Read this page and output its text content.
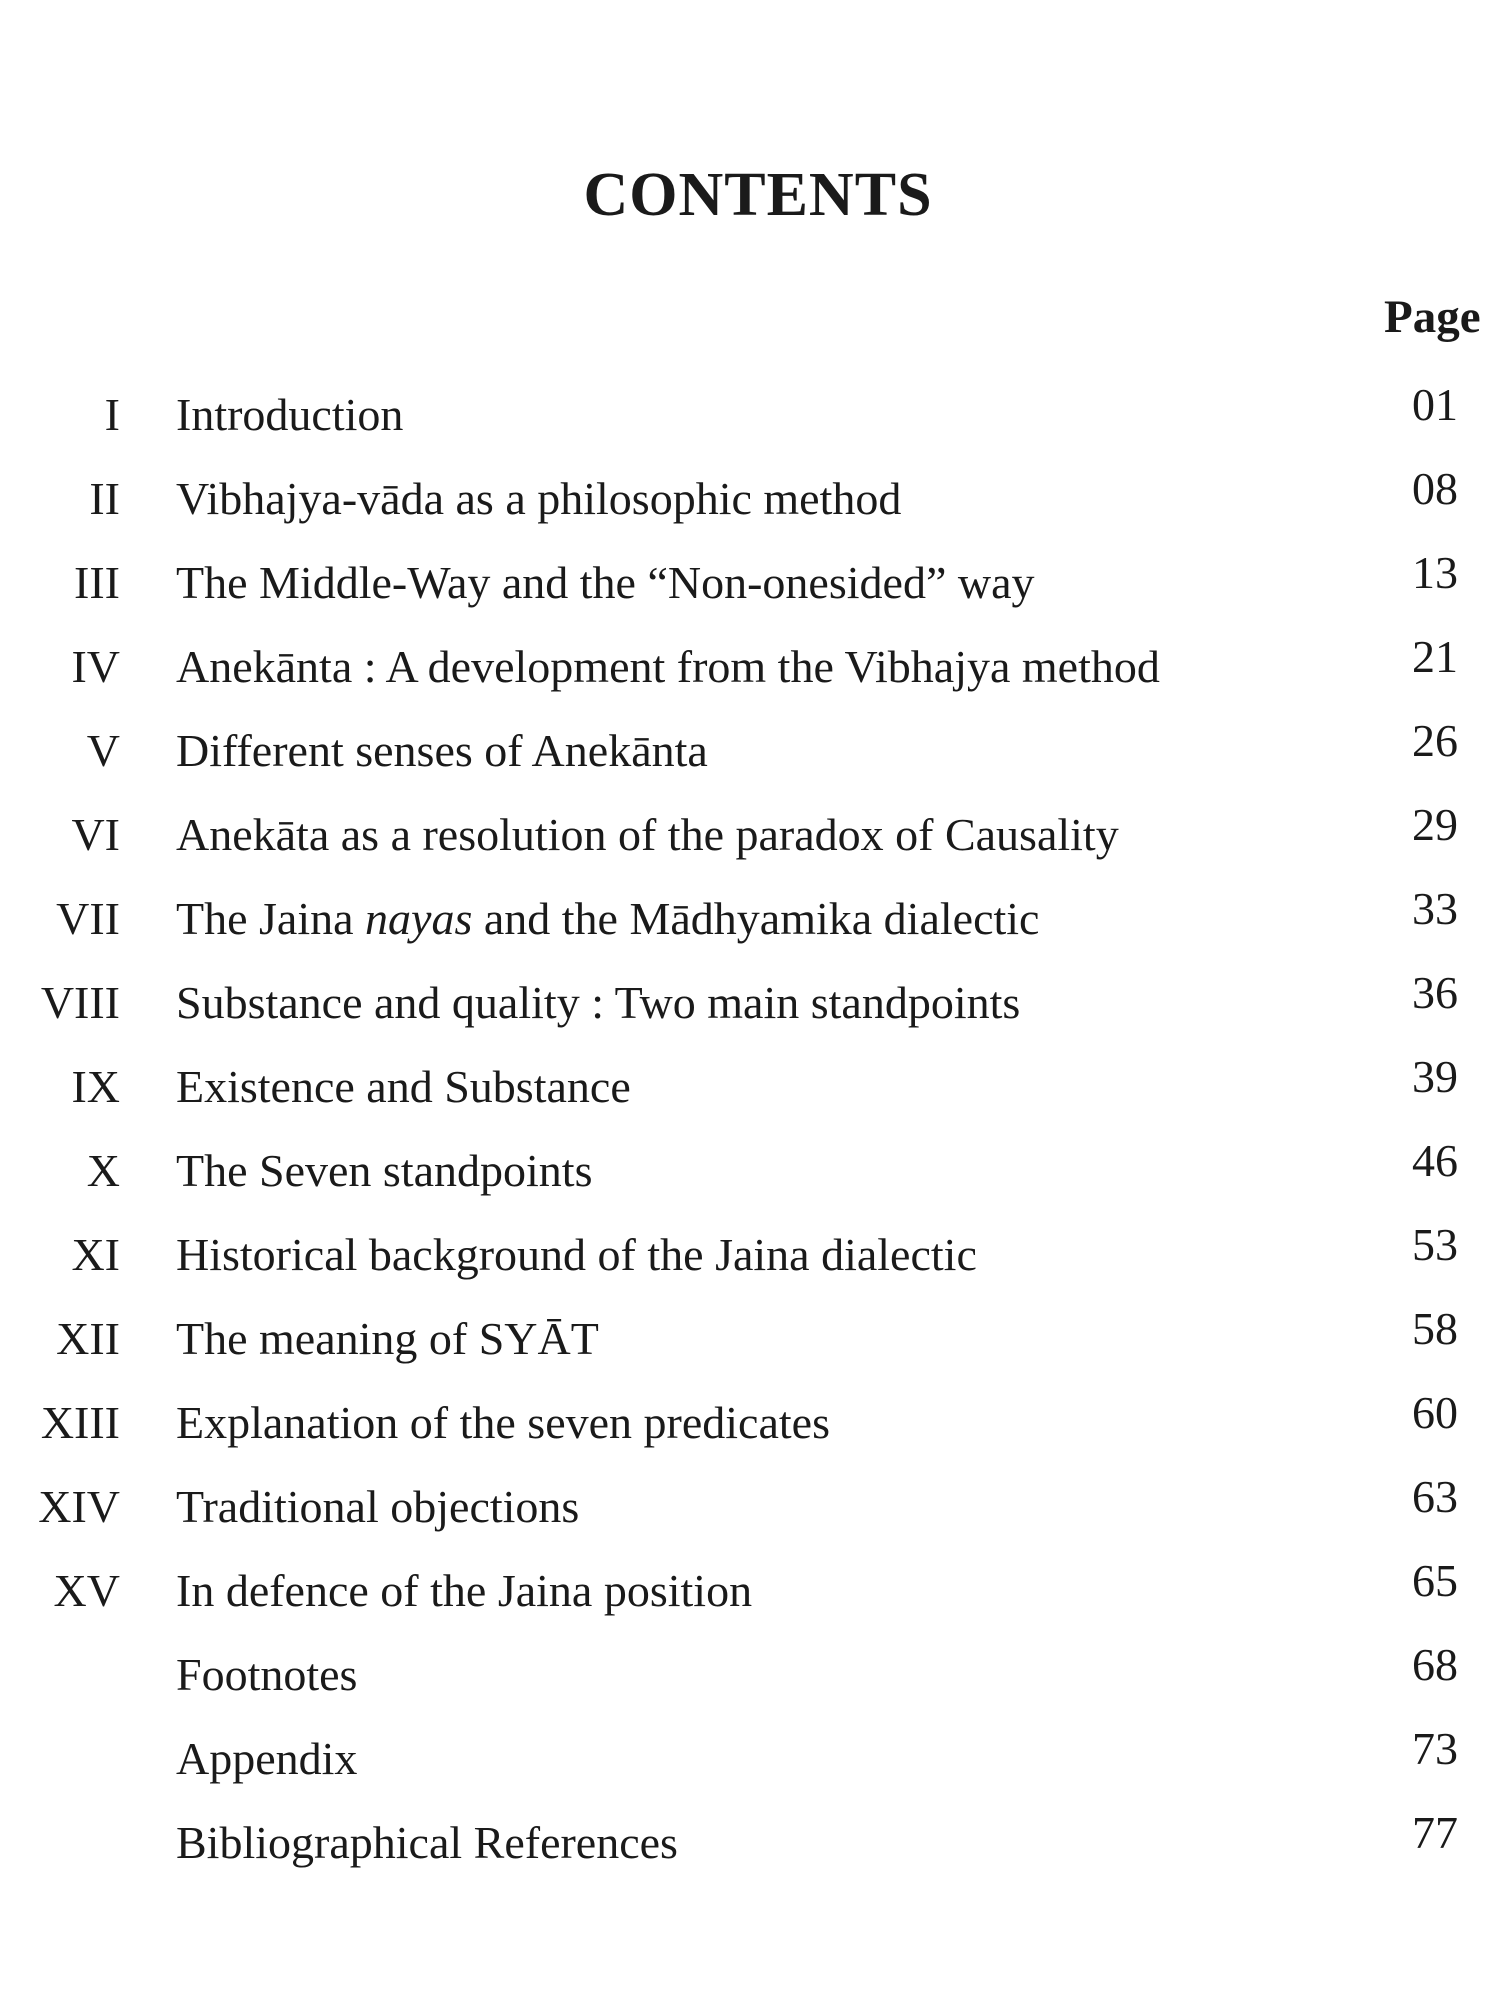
CONTENTS
Page
I Introduction	01
II Vibhajya-vāda as a philosophic method	08
III The Middle-Way and the “Non-onesided” way	13
IV Anekānta : A development from the Vibhajya method	21
V Different senses of Anekānta	26
VI Anekāta as a resolution of the paradox of Causality	29
VII The Jaina nayas and the Mādhyamika dialectic	33
VIII Substance and quality : Two main standpoints	36
IX Existence and Substance	39
X The Seven standpoints	46
XI Historical background of the Jaina dialectic	53
XII The meaning of SYĀT	58
XIII Explanation of the seven predicates	60
XIV Traditional objections	63
XV In defence of the Jaina position	65
Footnotes	68
Appendix	73
Bibliographical References	77
